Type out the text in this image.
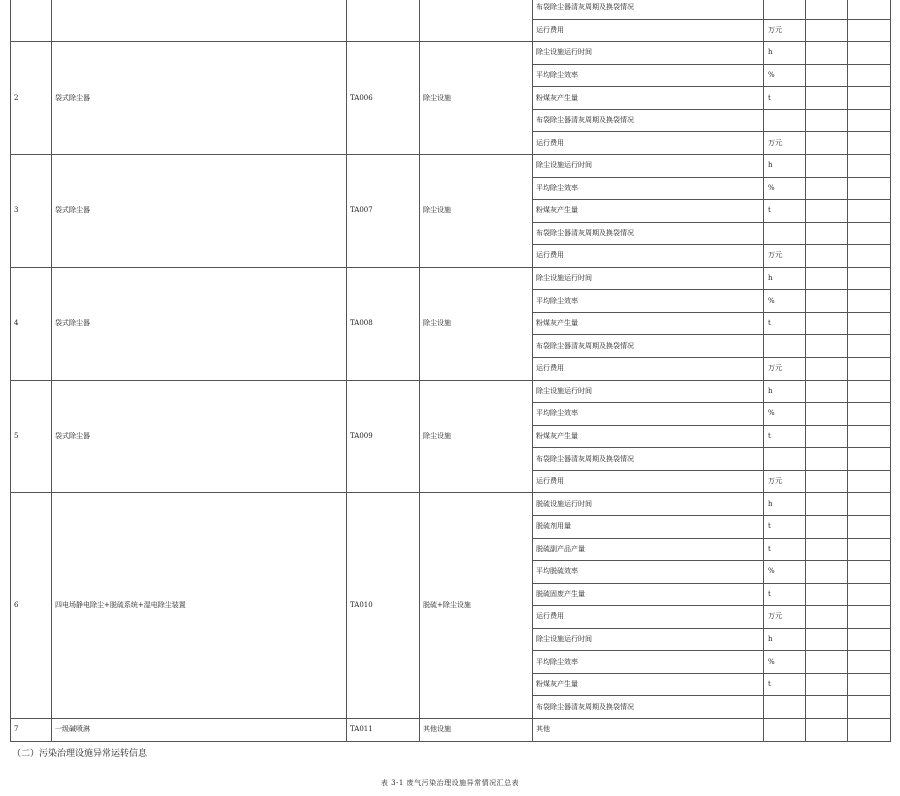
				布袋除尘器清灰周期及换袋情况			
				运行费用	万元		
2	袋式除尘器	TA006	除尘设施	除尘设施运行时间	h		
				平均除尘效率	%		
				粉煤灰产生量	t		
				布袋除尘器清灰周期及换袋情况			
				运行费用	万元		
3	袋式除尘器	TA007	除尘设施	除尘设施运行时间	h		
				平均除尘效率	%		
				粉煤灰产生量	t		
				布袋除尘器清灰周期及换袋情况			
				运行费用	万元		
4	袋式除尘器	TA008	除尘设施	除尘设施运行时间	h		
				平均除尘效率	%		
				粉煤灰产生量	t		
				布袋除尘器清灰周期及换袋情况			
				运行费用	万元		
5	袋式除尘器	TA009	除尘设施	除尘设施运行时间	h		
				平均除尘效率	%		
				粉煤灰产生量	t		
				布袋除尘器清灰周期及换袋情况			
				运行费用	万元		
6	四电场静电除尘+脱硫系统+湿电除尘装置	TA010	脱硫+除尘设施	脱硫设施运行时间	h		
				脱硫剂用量	t		
				脱硫副产品产量	t		
				平均脱硫效率	%		
				脱硫固废产生量	t		
				运行费用	万元		
				除尘设施运行时间	h		
				平均除尘效率	%		
				粉煤灰产生量	t		
				布袋除尘器清灰周期及换袋情况			
7	一级碱喷淋	TA011	其他设施	其他			
（二）污染治理设施异常运转信息
表 3-1 废气污染治理设施异常情况汇总表
